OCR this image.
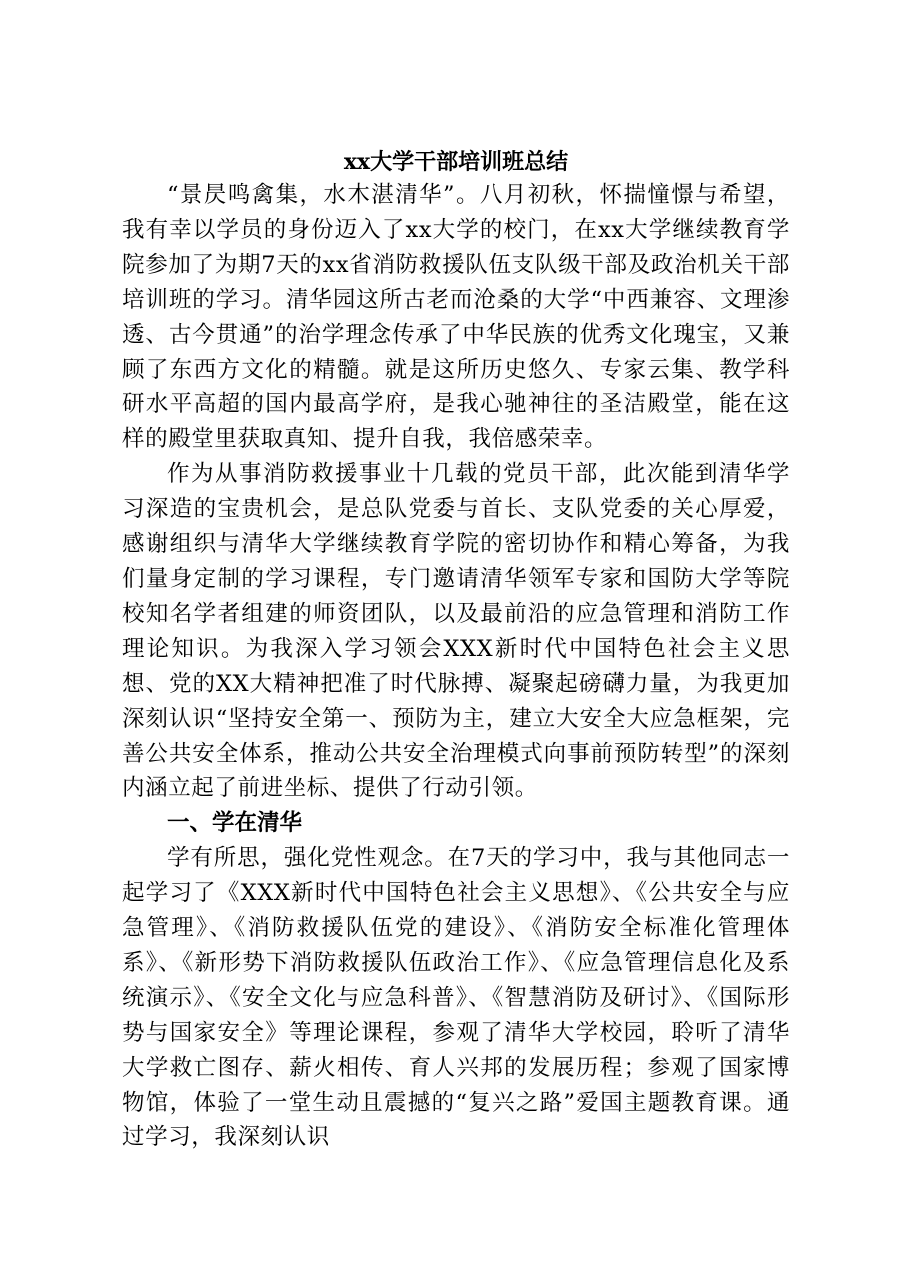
xx大学干部培训班总结

“景昃鸣禽集，水木湛清华”。八月初秋，怀揣憧憬与希望，我有幸以学员的身份迈入了xx大学的校门，在xx大学继续教育学院参加了为期7天的xx省消防救援队伍支队级干部及政治机关干部培训班的学习。清华园这所古老而沧桑的大学“中西兼容、文理渗透、古今贯通”的治学理念传承了中华民族的优秀文化瑰宝，又兼顾了东西方文化的精髓。就是这所历史悠久、专家云集、教学科研水平高超的国内最高学府，是我心驰神往的圣洁殿堂，能在这样的殿堂里获取真知、提升自我，我倍感荣幸。

作为从事消防救援事业十几载的党员干部，此次能到清华学习深造的宝贵机会，是总队党委与首长、支队党委的关心厚爱，感谢组织与清华大学继续教育学院的密切协作和精心筹备，为我们量身定制的学习课程，专门邀请清华领军专家和国防大学等院校知名学者组建的师资团队，以及最前沿的应急管理和消防工作理论知识。为我深入学习领会XXX新时代中国特色社会主义思想、党的XX大精神把准了时代脉搏、凝聚起磅礴力量，为我更加深刻认识“坚持安全第一、预防为主，建立大安全大应急框架，完善公共安全体系，推动公共安全治理模式向事前预防转型”的深刻内涵立起了前进坐标、提供了行动引领。

一、学在清华

学有所思，强化党性观念。在7天的学习中，我与其他同志一起学习了《XXX新时代中国特色社会主义思想》、《公共安全与应急管理》、《消防救援队伍党的建设》、《消防安全标准化管理体系》、《新形势下消防救援队伍政治工作》、《应急管理信息化及系统演示》、《安全文化与应急科普》、《智慧消防及研讨》、《国际形势与国家安全》等理论课程，参观了清华大学校园，聆听了清华大学救亡图存、薪火相传、育人兴邦的发展历程；参观了国家博物馆，体验了一堂生动且震撼的“复兴之路”爱国主题教育课。通过学习，我深刻认识
